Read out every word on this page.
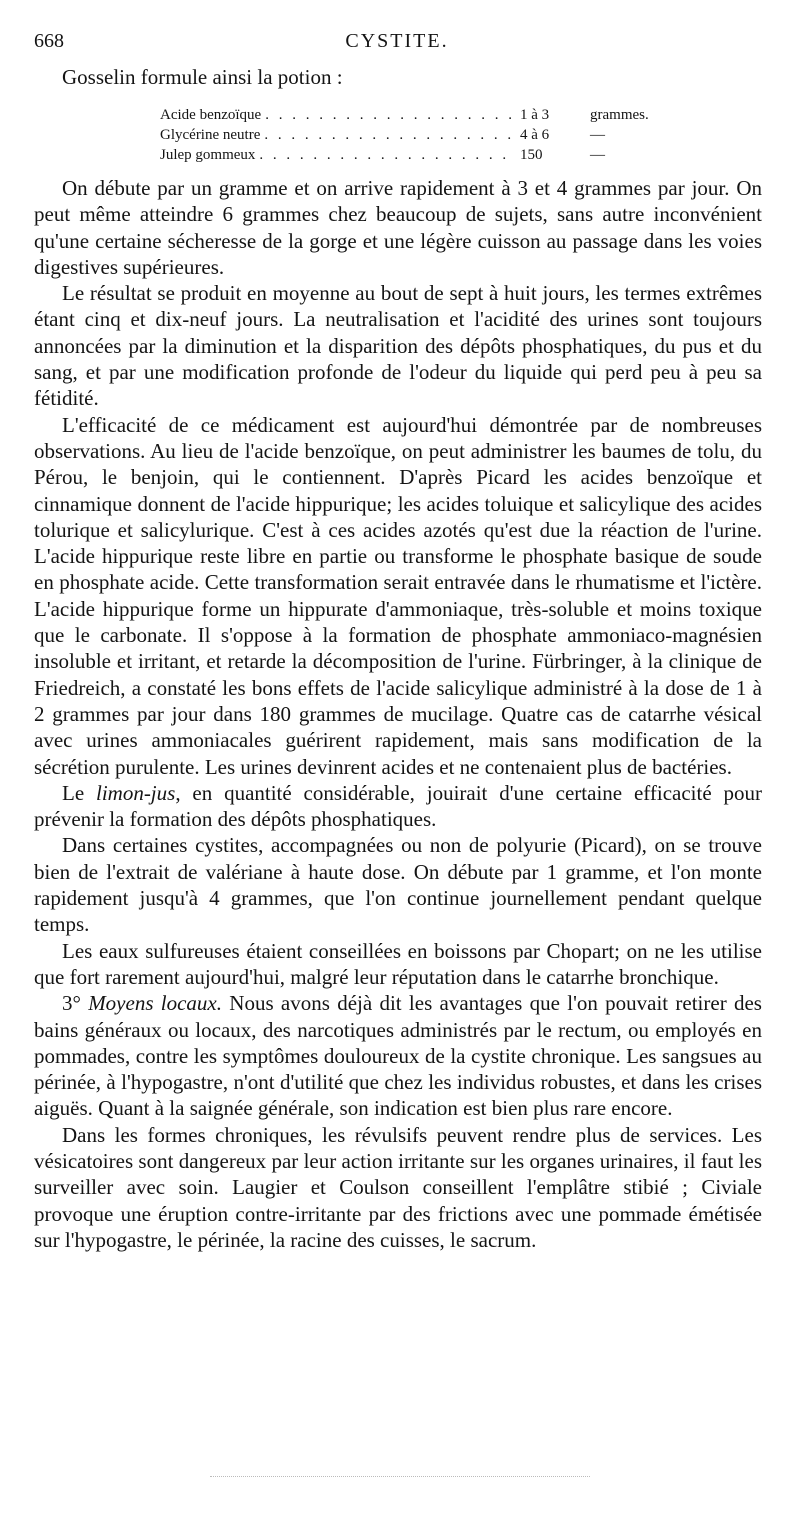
668	CYSTITE.

Gosselin formule ainsi la potion :

Acide benzoïque . . .	1 à 3	grammes.
Glycérine neutre . . .	4 à 6	—
Julep gommeux . . .	150	—

On débute par un gramme et on arrive rapidement à 3 et 4 grammes par jour. On peut même atteindre 6 grammes chez beaucoup de sujets, sans autre inconvénient qu'une certaine sécheresse de la gorge et une légère cuisson au passage dans les voies digestives supérieures.

Le résultat se produit en moyenne au bout de sept à huit jours, les termes extrêmes étant cinq et dix-neuf jours. La neutralisation et l'acidité des urines sont toujours annoncées par la diminution et la disparition des dépôts phosphatiques, du pus et du sang, et par une modification profonde de l'odeur du liquide qui perd peu à peu sa fétidité.

L'efficacité de ce médicament est aujourd'hui démontrée par de nombreuses observations. Au lieu de l'acide benzoïque, on peut administrer les baumes de tolu, du Pérou, le benjoin, qui le contiennent. D'après Picard les acides benzoïque et cinnamique donnent de l'acide hippurique; les acides toluique et salicylique des acides tolurique et salicylurique. C'est à ces acides azotés qu'est due la réaction de l'urine. L'acide hippurique reste libre en partie ou transforme le phosphate basique de soude en phosphate acide. Cette transformation serait entravée dans le rhumatisme et l'ictère. L'acide hippurique forme un hippurate d'ammoniaque, très-soluble et moins toxique que le carbonate. Il s'oppose à la formation de phosphate ammoniaco-magnésien insoluble et irritant, et retarde la décomposition de l'urine. Fürbringer, à la clinique de Friedreich, a constaté les bons effets de l'acide salicylique administré à la dose de 1 à 2 grammes par jour dans 180 grammes de mucilage. Quatre cas de catarrhe vésical avec urines ammoniacales guérirent rapidement, mais sans modification de la sécrétion purulente. Les urines devinrent acides et ne contenaient plus de bactéries.

Le limon-jus, en quantité considérable, jouirait d'une certaine efficacité pour prévenir la formation des dépôts phosphatiques.

Dans certaines cystites, accompagnées ou non de polyurie (Picard), on se trouve bien de l'extrait de valériane à haute dose. On débute par 1 gramme, et l'on monte rapidement jusqu'à 4 grammes, que l'on continue journellement pendant quelque temps.

Les eaux sulfureuses étaient conseillées en boissons par Chopart; on ne les utilise que fort rarement aujourd'hui, malgré leur réputation dans le catarrhe bronchique.

3° Moyens locaux. Nous avons déjà dit les avantages que l'on pouvait retirer des bains généraux ou locaux, des narcotiques administrés par le rectum, ou employés en pommades, contre les symptômes douloureux de la cystite chronique. Les sangsues au périnée, à l'hypogastre, n'ont d'utilité que chez les individus robustes, et dans les crises aiguës. Quant à la saignée générale, son indication est bien plus rare encore.

Dans les formes chroniques, les révulsifs peuvent rendre plus de services. Les vésicatoires sont dangereux par leur action irritante sur les organes urinaires, il faut les surveiller avec soin. Laugier et Coulson conseillent l'emplâtre stibié ; Civiale provoque une éruption contre-irritante par des frictions avec une pommade émétisée sur l'hypogastre, le périnée, la racine des cuisses, le sacrum.
